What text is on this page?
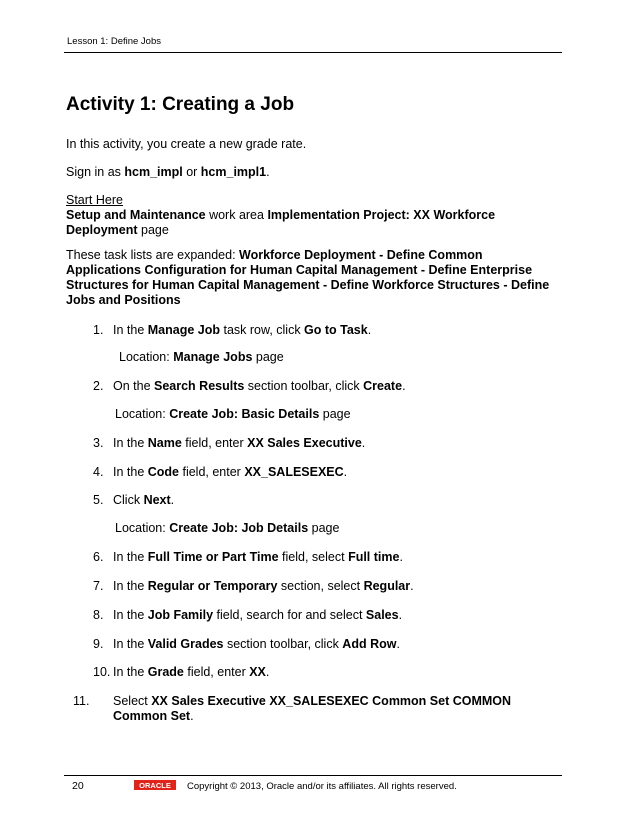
Lesson 1: Define Jobs
Activity 1: Creating a Job

In this activity, you create a new grade rate.

Sign in as hcm_impl or hcm_impl1.

Start Here
Setup and Maintenance work area Implementation Project: XX Workforce Deployment page

These task lists are expanded: Workforce Deployment - Define Common Applications Configuration for Human Capital Management - Define Enterprise Structures for Human Capital Management - Define Workforce Structures - Define Jobs and Positions

1. In the Manage Job task row, click Go to Task.
Location: Manage Jobs page
2. On the Search Results section toolbar, click Create.
Location: Create Job: Basic Details page
3. In the Name field, enter XX Sales Executive.
4. In the Code field, enter XX_SALESEXEC.
5. Click Next.
Location: Create Job: Job Details page
6. In the Full Time or Part Time field, select Full time.
7. In the Regular or Temporary section, select Regular.
8. In the Job Family field, search for and select Sales.
9. In the Valid Grades section toolbar, click Add Row.
10. In the Grade field, enter XX.
11. Select XX Sales Executive XX_SALESEXEC Common Set COMMON Common Set.
20	ORACLE Copyright © 2013, Oracle and/or its affiliates. All rights reserved.
